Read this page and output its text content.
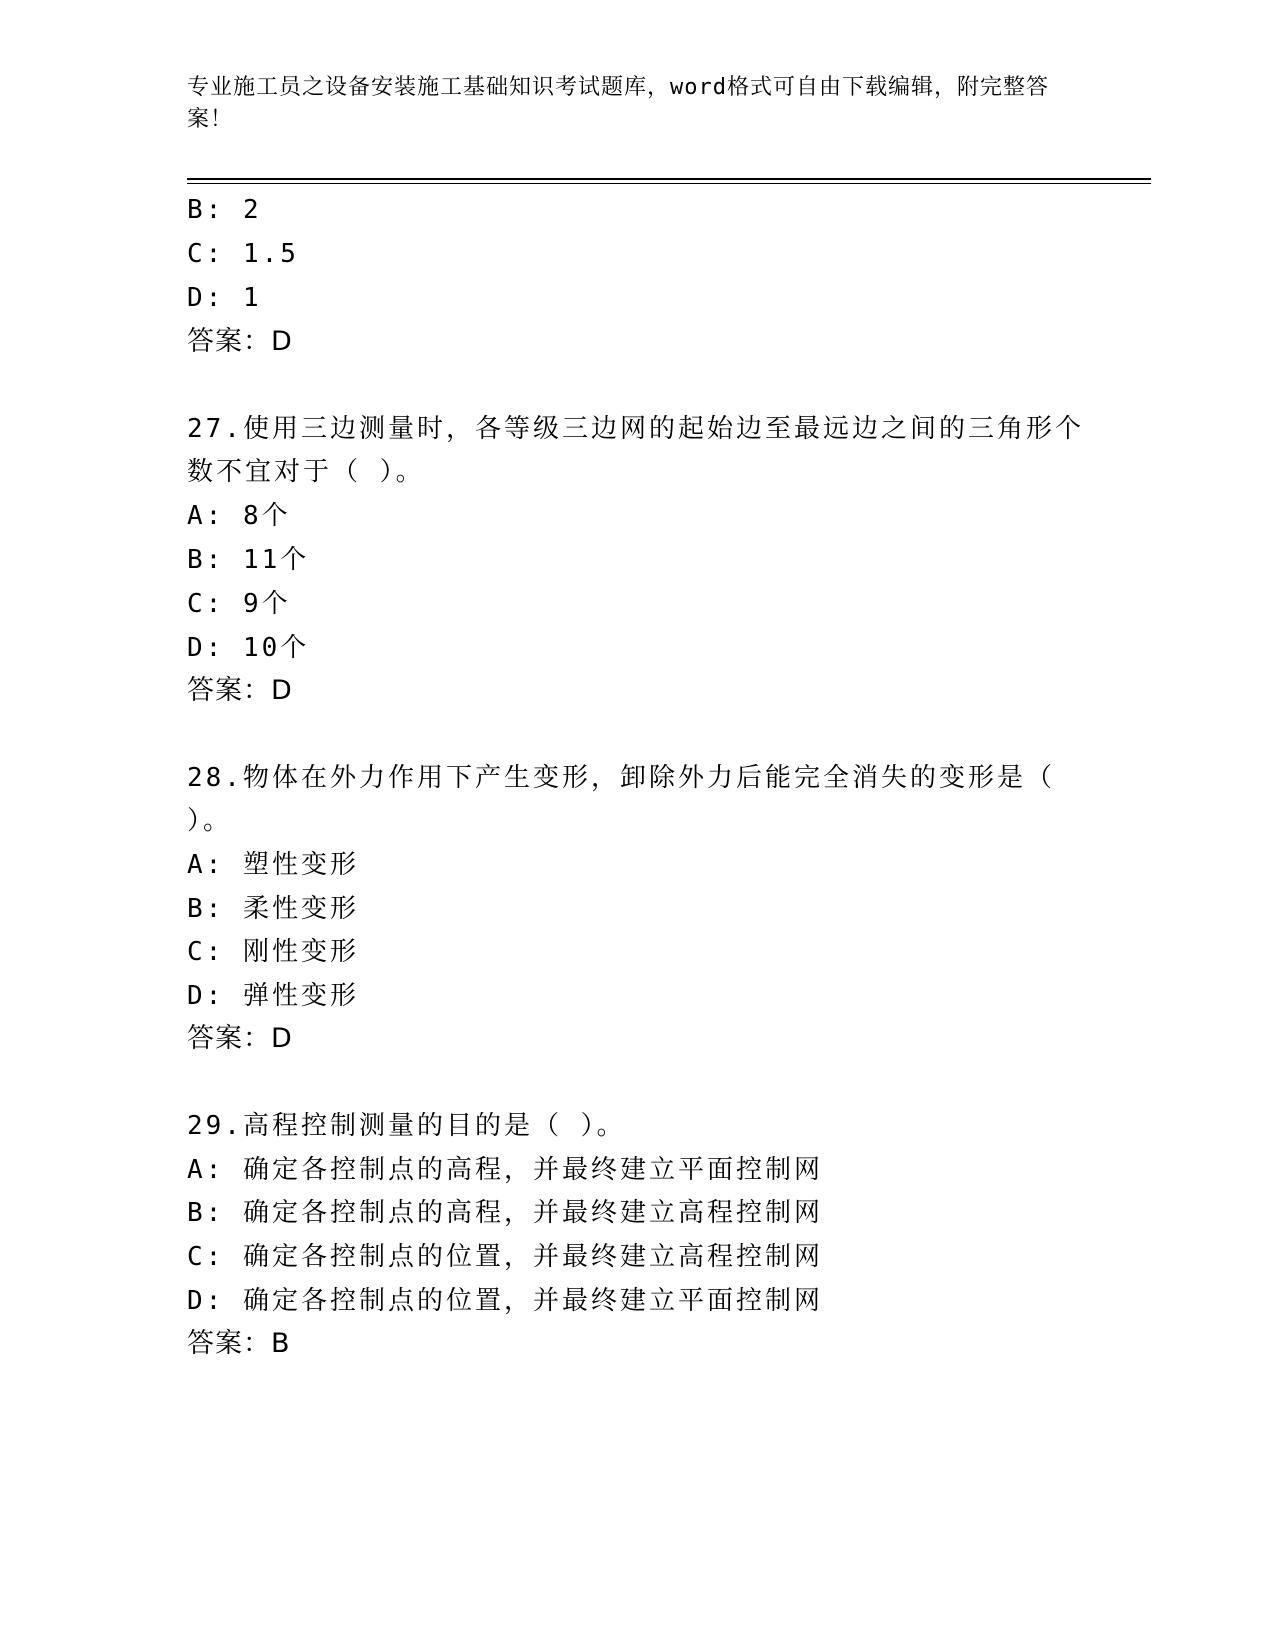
专业施工员之设备安装施工基础知识考试题库，word格式可自由下载编辑，附完整答案！
B: 2
C: 1.5
D: 1
答案：D
27.使用三边测量时，各等级三边网的起始边至最远边之间的三角形个
数不宜对于（ ）。
A: 8个
B: 11个
C: 9个
D: 10个
答案：D
28.物体在外力作用下产生变形，卸除外力后能完全消失的变形是（
）。
A: 塑性变形
B: 柔性变形
C: 刚性变形
D: 弹性变形
答案：D
29.高程控制测量的目的是（ ）。
A: 确定各控制点的高程，并最终建立平面控制网
B: 确定各控制点的高程，并最终建立高程控制网
C: 确定各控制点的位置，并最终建立高程控制网
D: 确定各控制点的位置，并最终建立平面控制网
答案：B
